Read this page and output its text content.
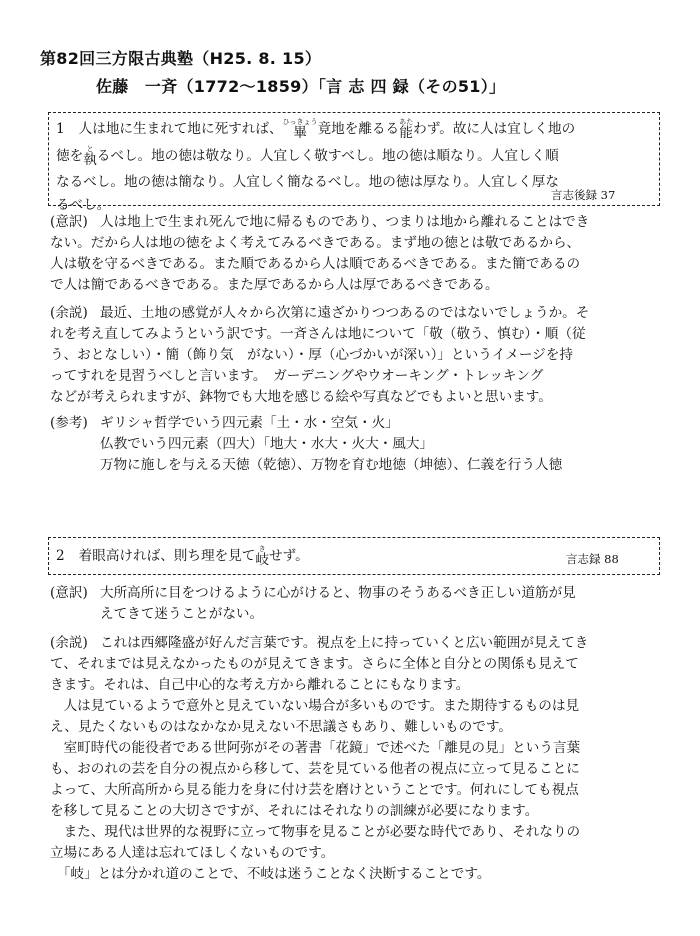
第82回三方限古典塾（H25. 8. 15）
佐藤　一斉（1772〜1859）「言 志 四 録（その51）」
1 人は地に生まれて地に死すれば、 畢ひっきょう 竟地を離るる 能あた わず。故に人は宜しく地の
徳を 執と るべし。地の徳は敬なり。人宜しく敬すべし。地の徳は順なり。人宜しく順
なるべし。地の徳は簡なり。人宜しく簡なるべし。地の徳は厚なり。人宜しく厚な
るべし。
言志後録 37
(意訳) 人は地上で生まれ死んで地に帰るものであり、つまりは地から離れることはでき
ない。だから人は地の徳をよく考えてみるべきである。まず地の徳とは敬であるから、
人は敬を守るべきである。また順であるから人は順であるべきである。また簡であるの
で人は簡であるべきである。また厚であるから人は厚であるべきである。
(余説) 最近、土地の感覚が人々から次第に遠ざかりつつあるのではないでしょうか。そ
れを考え直してみようという訳です。一斉さんは地について「敬（敬う、慎む）・順（従
う、おとなしい）・簡（飾り気　がない）・厚（心づかいが深い）」というイメージを持
ってすれを見習うべしと言います。　ガーデニングやウオーキング・トレッキング
などが考えられますが、鉢物でも大地を感じる絵や写真などでもよいと思います。
(参考) ギリシャ哲学でいう四元素「土・水・空気・火」
仏教でいう四元素（四大）「地大・水大・火大・風大」
万物に施しを与える天徳（乾徳）、万物を育む地徳（坤徳）、仁義を行う人徳
2 着眼高ければ、則ち理を見て 岐き せず。	言志録 88
(意訳) 大所高所に目をつけるように心がけると、物事のそうあるべき正しい道筋が見
えてきて迷うことがない。
(余説) これは西郷隆盛が好んだ言葉です。視点を上に持っていくと広い範囲が見えてき
て、それまでは見えなかったものが見えてきます。さらに全体と自分との関係も見えて
きます。それは、自己中心的な考え方から離れることにもなります。
　人は見ているようで意外と見えていない場合が多いものです。また期待するものは見
え、見たくないものはなかなか見えない不思議さもあり、難しいものです。
　室町時代の能役者である世阿弥がその著書「花鏡」で述べた「離見の見」という言葉
も、おのれの芸を自分の視点から移して、芸を見ている他者の視点に立って見ることに
よって、大所高所から見る能力を身に付け芸を磨けということです。何れにしても視点
を移して見ることの大切さですが、それにはそれなりの訓練が必要になります。
　また、現代は世界的な視野に立って物事を見ることが必要な時代であり、それなりの
立場にある人達は忘れてほしくないものです。
　「岐」とは分かれ道のことで、不岐は迷うことなく決断することです。
